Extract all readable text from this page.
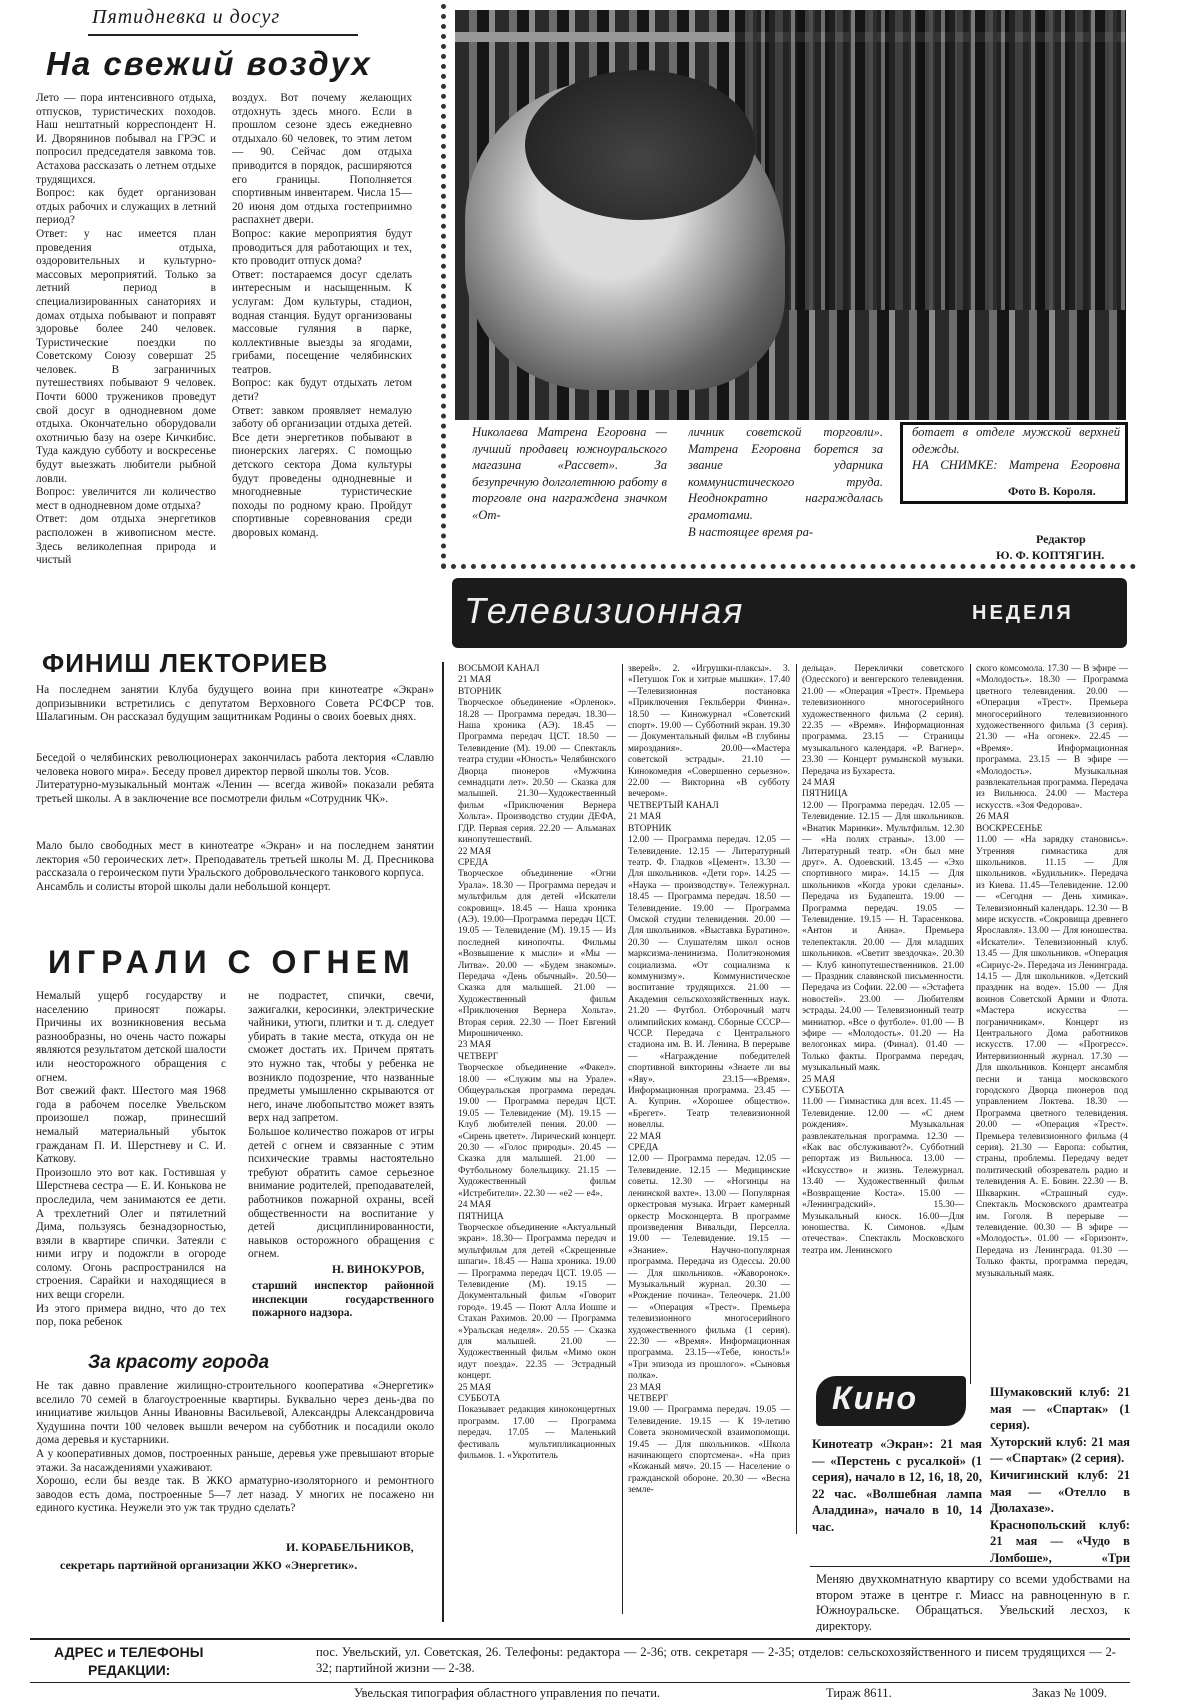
Пятидневка и досуг
На свежий воздух
Лето — пора интенсивного отдыха, отпусков, туристических походов. Наш нештатный корреспондент Н. И. Дворянинов побывал на ГРЭС и попросил председателя завкома тов. Астахова рассказать о летнем отдыхе трудящихся.
Вопрос: как будет организован отдых рабочих и служащих в летний период?
Ответ: у нас имеется план проведения отдыха, оздоровительных и культурно-массовых мероприятий. Только за летний период в специализированных санаториях и домах отдыха побывают и поправят здоровье более 240 человек. Туристические поездки по Советскому Союзу совершат 25 человек. В заграничных путешествиях побывают 9 человек. Почти 6000 тружеников проведут свой досуг в однодневном доме отдыха. Окончательно оборудовали охотничью базу на озере Кичкибис. Туда каждую субботу и воскресенье будут выезжать любители рыбной ловли.
Вопрос: увеличится ли количество мест в однодневном доме отдыха?
Ответ: дом отдыха энергетиков расположен в живописном месте. Здесь великолепная природа и чистый
воздух. Вот почему желающих отдохнуть здесь много. Если в прошлом сезоне здесь ежедневно отдыхало 60 человек, то этим летом — 90. Сейчас дом отдыха приводится в порядок, расширяются его границы. Пополняется спортивным инвентарем. Числа 15—20 июня дом отдыха гостеприимно распахнет двери.
Вопрос: какие мероприятия будут проводиться для работающих и тех, кто проводит отпуск дома?
Ответ: постараемся досуг сделать интересным и насыщенным. К услугам: Дом культуры, стадион, водная станция. Будут организованы массовые гуляния в парке, коллективные выезды за ягодами, грибами, посещение челябинских театров.
Вопрос: как будут отдыхать летом дети?
Ответ: завком проявляет немалую заботу об организации отдыха детей. Все дети энергетиков побывают в пионерских лагерях. С помощью детского сектора Дома культуры будут проведены однодневные и многодневные туристические походы по родному краю. Пройдут спортивные соревнования среди дворовых команд.
Николаева Матрена Егоровна — лучший продавец южноуральского магазина «Рассвет». За безупречную долголетнюю работу в торговле она награждена значком «От-
личник советской торговли». Матрена Егоровна борется за звание ударника коммунистического труда. Неоднократно награждалась грамотами.
В настоящее время ра-
ботает в отделе мужской верхней одежды.
НА СНИМКЕ: Матрена Егоровна
Фото В. Короля.
Редактор
Ю. Ф. КОПТЯГИН.
ФИНИШ ЛЕКТОРИЕВ
На последнем занятии Клуба будущего воина при кинотеатре «Экран» допризывники встретились с депутатом Верховного Совета РСФСР тов. Шалагиным. Он рассказал будущим защитникам Родины о своих боевых днях.
Беседой о челябинских революционерах закончилась работа лектория «Славлю человека нового мира». Беседу провел директор первой школы тов. Усов.
Литературно-музыкальный монтаж «Ленин — всегда живой» показали ребята третьей школы. А в заключение все посмотрели фильм «Сотрудник ЧК».
Мало было свободных мест в кинотеатре «Экран» и на последнем занятии лектория «50 героических лет». Преподаватель третьей школы М. Д. Пресникова рассказала о героическом пути Уральского добровольческого танкового корпуса.
Ансамбль и солисты второй школы дали небольшой концерт.
ИГРАЛИ С ОГНЕМ
Немалый ущерб государству и населению приносят пожары. Причины их возникновения весьма разнообразны, но очень часто пожары являются результатом детской шалости или неосторожного обращения с огнем.
Вот свежий факт. Шестого мая 1968 года в рабочем поселке Увельском произошел пожар, принесший немалый материальный убыток гражданам П. И. Шерстневу и С. И. Каткову.
Произошло это вот как. Гостившая у Шерстнева сестра — Е. И. Конькова не проследила, чем занимаются ее дети. А трехлетний Олег и пятилетний Дима, пользуясь безнадзорностью, взяли в квартире спички. Затеяли с ними игру и подожгли в огороде солому. Огонь распространился на строения. Сарайки и находящиеся в них вещи сгорели.
Из этого примера видно, что до тех пор, пока ребенок
не подрастет, спички, свечи, зажигалки, керосинки, электрические чайники, утюги, плитки и т. д. следует убирать в такие места, откуда он не сможет достать их. Причем прятать это нужно так, чтобы у ребенка не возникло подозрение, что названные предметы умышленно скрываются от него, иначе любопытство может взять верх над запретом.
Большое количество пожаров от игры детей с огнем и связанные с этим психические травмы настоятельно требуют обратить самое серьезное внимание родителей, преподавателей, работников пожарной охраны, всей общественности на воспитание у детей дисциплинированности, навыков осторожного обращения с огнем.
Н. ВИНОКУРОВ,
старший инспектор районной инспекции государственного пожарного надзора.
За красоту города
Не так давно правление жилищно-строительного кооператива «Энергетик» вселило 70 семей в благоустроенные квартиры. Буквально через день-два по инициативе жильцов Анны Ивановны Васильевой, Александры Александровича Худушина почти 100 человек вышли вечером на субботник и посадили около дома деревья и кустарники.
А у кооперативных домов, построенных раньше, деревья уже превышают вторые этажи. За насаждениями ухаживают.
Хорошо, если бы везде так. В ЖКО арматурно-изоляторного и ремонтного заводов есть дома, построенные 5—7 лет назад. У многих не посажено ни единого кустика. Неужели это уж так трудно сделать?
И. КОРАБЕЛЬНИКОВ,
секретарь партийной организации ЖКО «Энергетик».
Телевизионная	НЕДЕЛЯ
ВОСЬМОЙ КАНАЛ
21 МАЯ
ВТОРНИК
Творческое объединение «Орленок». 18.28 — Программа передач. 18.30—Наша хроника (АЭ). 18.45 — Программа передач ЦСТ. 18.50 — Телевидение (М). 19.00 — Спектакль театра студии «Юность» Челябинского Дворца пионеров «Мужчина семнадцати лет». 20.50 — Сказка для малышей. 21.30—Художественный фильм «Приключения Вернера Хольта». Производство студии ДЕФА, ГДР. Первая серия. 22.20 — Альманах кинопутешествий.
22 МАЯ
СРЕДА
Творческое объединение «Огни Урала». 18.30 — Программа передач и мультфильм для детей «Искатели сокровищ». 18.45 — Наша хроника (АЭ). 19.00—Программа передач ЦСТ. 19.05 — Телевидение (М). 19.15 — Из последней кинопочты. Фильмы «Возвышение к мысли» и «Мы — Литва». 20.00 — «Будем знакомы». Передача «День обычный». 20.50—Сказка для малышей. 21.00 — Художественный фильм «Приключения Вернера Хольта». Вторая серия. 22.30 — Поет Евгений Мирошниченко.
23 МАЯ
ЧЕТВЕРГ
Творческое объединение «Факел». 18.00 — «Служим мы на Урале». Общеуральская программа передач. 19.00 — Программа передач ЦСТ. 19.05 — Телевидение (М). 19.15 — Клуб любителей пения. 20.00 — «Сирень цветет». Лирический концерт. 20.30 — «Голос природы». 20.45 — Сказка для малышей. 21.00 — Футбольному болельщику. 21.15 — Художественный фильм «Истребители». 22.30 — «е2 — е4».
24 МАЯ
ПЯТНИЦА
Творческое объединение «Актуальный экран». 18.30— Программа передач и мультфильм для детей «Скрещенные шпаги». 18.45 — Наша хроника. 19.00 — Программа передач ЦСТ. 19.05 — Телевидение (М). 19.15 — Документальный фильм «Говорит город». 19.45 — Поют Алла Иошпе и Стахан Рахимов. 20.00 — Программа «Уральская неделя». 20.55 — Сказка для малышей. 21.00 — Художественный фильм «Мимо окон идут поезда». 22.35 — Эстрадный концерт.
25 МАЯ
СУББОТА
Показывает редакция киноконцертных программ. 17.00 — Программа передач. 17.05 — Маленький фестиваль мультипликационных фильмов. 1. «Укротитель
зверей». 2. «Игрушки-плаксы». 3. «Петушок Гок и хитрые мышки». 17.40 —Телевизионная постановка «Приключения Гекльберри Финна». 18.50 — Киножурнал «Советский спорт». 19.00 — Субботний экран. 19.30 — Документальный фильм «В глубины мироздания». 20.00—«Мастера советской эстрады». 21.10 — Кинокомедия «Совершенно серьезно». 22.00 — Викторина «В субботу вечером».
ЧЕТВЕРТЫЙ КАНАЛ
21 МАЯ
ВТОРНИК
12.00 — Программа передач. 12.05 — Телевидение. 12.15 — Литературный театр. Ф. Гладков «Цемент». 13.30 — Для школьников. «Дети гор». 14.25 — «Наука — производству». Тележурнал. 18.45 — Программа передач. 18.50 — Телевидение. 19.00 — Программа Омской студии телевидения. 20.00 — Для школьников. «Выставка Буратино». 20.30 — Слушателям школ основ марксизма-ленинизма. Политэкономия социализма. «От социализма к коммунизму». Коммунистическое воспитание трудящихся. 21.00 — Академия сельскохозяйственных наук. 21.20 — Футбол. Отборочный матч олимпийских команд. Сборные СССР—ЧССР. Передача с Центрального стадиона им. В. И. Ленина. В перерыве — «Награждение победителей спортивной викторины «Знаете ли вы «Яву». 23.15—«Время». Информационная программа. 23.45 — А. Куприн. «Хорошее общество». «Брегет». Театр телевизионной новеллы.
22 МАЯ
СРЕДА
12.00 — Программа передач. 12.05 — Телевидение. 12.15 — Медицинские советы. 12.30 — «Ногинцы на ленинской вахте». 13.00 — Популярная оркестровая музыка. Играет камерный оркестр Москонцерта. В программе произведения Вивальди, Перселла. 19.00 — Телевидение. 19.15 — «Знание». Научно-популярная программа. Передача из Одессы. 20.00 — Для школьников. «Жаворонок». Музыкальный журнал. 20.30 — «Рождение почина». Телеочерк. 21.00 — «Операция «Трест». Премьера телевизионного многосерийного художественного фильма (1 серия). 22.30 — «Время». Информационная программа. 23.15—«Тебе, юность!» «Три эпизода из прошлого». «Сыновья полка».
23 МАЯ
ЧЕТВЕРГ
19.00 — Программа передач. 19.05 — Телевидение. 19.15 — К 19-летию Совета экономической взаимопомощи. 19.45 — Для школьников. «Школа начинающего спортсмена». «На приз «Кожаный мяч». 20.15 — Население о гражданской обороне. 20.30 — «Весна земле-
дельца». Переклички советского (Одесского) и венгерского телевидения. 21.00 — «Операция «Трест». Премьера телевизионного многосерийного художественного фильма (2 серия). 22.35 — «Время». Информационная программа. 23.15 — Страницы музыкального календаря. «Р. Вагнер». 23.30 — Концерт румынской музыки. Передача из Бухареста.
24 МАЯ
ПЯТНИЦА
12.00 — Программа передач. 12.05 — Телевидение. 12.15 — Для школьников. «Внатик Маринки». Мультфильм. 12.30 — «На полях страны». 13.00 —Литературный театр. «Он был мне друг». А. Одоевский. 13.45 — «Эхо спортивного мира». 14.15 — Для школьников «Когда уроки сделаны». Передача из Будапешта. 19.00 — Программа передач. 19.05 — Телевидение. 19.15 — Н. Тарасенкова. «Антон и Анна». Премьера телепектакля. 20.00 — Для младших школьников. «Светит звездочка». 20.30 — Клуб кинопутешественников. 21.00 — Праздник славянской письменности. Передача из Софии. 22.00 — «Эстафета новостей». 23.00 — Любителям эстрады. 24.00 — Телевизионный театр миниатюр. «Все о футболе». 01.00 — В эфире — «Молодость». 01.20 — На велогонках мира. (Финал). 01.40 — Только факты. Программа передач, музыкальный маяк.
25 МАЯ
СУББОТА
11.00 — Гимнастика для всех. 11.45 — Телевидение. 12.00 — «С днем рождения». Музыкальная развлекательная программа. 12.30 — «Как вас обслуживают?». Субботний репортаж из Вильнюса. 13.00 — «Искусство» и жизнь. Тележурнал. 13.40 — Художественный фильм «Возвращение Коста». 15.00 — «Ленинградский». 15.30—Музыкальный киоск. 16.00—Для юношества. К. Симонов. «Дым отечества». Спектакль Московского театра им. Ленинского
ского комсомола. 17.30 — В эфире — «Молодость». 18.30 — Программа цветного телевидения. 20.00 — «Операция «Трест». Премьера многосерийного телевизионного художественного фильма (3 серия). 21.30 — «На огонек». 22.45 — «Время». Информационная программа. 23.15 — В эфире — «Молодость». Музыкальная развлекательная программа. Передача из Вильнюса. 24.00 — Мастера искусств. «Зоя Федорова».
26 МАЯ
ВОСКРЕСЕНЬЕ
11.00 — «На зарядку становись». Утренняя гимнастика для школьников. 11.15 — Для школьников. «Будильник». Передача из Киева. 11.45—Телевидение. 12.00 — «Сегодня — День химика». Телевизионный календарь. 12.30 — В мире искусств. «Сокровища древнего Ярославля». 13.00 — Для юношества. «Искатели». Телевизионный клуб. 13.45 — Для школьников. «Операция «Сириус-2». Передача из Ленинграда. 14.15 — Для школьников. «Детский праздник на воде». 15.00 — Для воинов Советской Армии и Флота. «Мастера искусства — пограничникам». Концерт из Центрального Дома работников искусств. 17.00 — «Прогресс». Интервизионный журнал. 17.30 — Для школьников. Концерт ансамбля песни и танца московского городского Дворца пионеров под управлением Локтева. 18.30 — Программа цветного телевидения. 20.00 — «Операция «Трест». Премьера телевизионного фильма (4 серия). 21.30 — Европа: события, страны, проблемы. Передачу ведет политический обозреватель радио и телевидения А. Е. Бовин. 22.30 — В. Шкваркин. «Страшный суд». Спектакль Московского драмтеатра им. Гоголя. В перерыве — телевидение. 00.30 — В эфире — «Молодость». 01.00 — «Горизонт». Передача из Ленинграда. 01.30 — Только факты, программа передач, музыкальный маяк.
Кино
Кинотеатр «Экран»: 21 мая — «Перстень с русалкой» (1 серия), начало в 12, 16, 18, 20, 22 час. «Волшебная лампа Аладдина», начало в 10, 14 час.
Шумаковский клуб: 21 мая — «Спартак» (1 серия).
Хуторский клуб: 21 мая — «Спартак» (2 серия).
Кичигинский клуб: 21 мая — «Отелло в Дюлахазе».
Краснопольский клуб: 21 мая — «Чудо в Ломбоше», «Три
Меняю двухкомнатную квартиру со всеми удобствами на втором этаже в центре г. Миасс на равноценную в г. Южноуральске. Обращаться. Увельский лесхоз, к директору.
АДРЕС и ТЕЛЕФОНЫ
РЕДАКЦИИ:
пос. Увельский, ул. Советская, 26. Телефоны: редактора — 2-36; отв. секретаря — 2-35; отделов: сельскохозяйственного и писем трудящихся — 2-32; партийной жизни — 2-38.
Увельская типография областного управления по печати.	Тираж 8611.	Заказ № 1009.
